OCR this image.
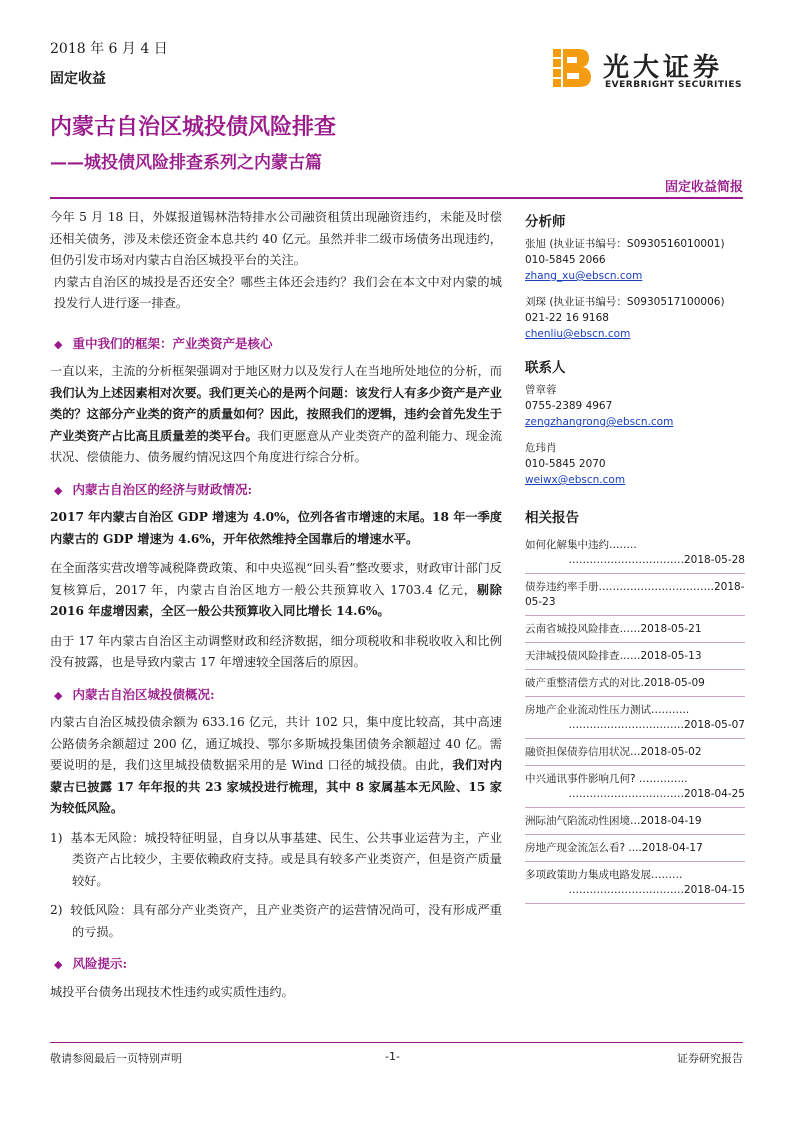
2018 年 6 月 4 日
固定收益
内蒙古自治区城投债风险排查
——城投债风险排查系列之内蒙古篇
固定收益简报
光大证券
EVERBRIGHT SECURITIES

今年 5 月 18 日，外媒报道锡林浩特排水公司融资租赁出现融资违约，未能及时偿还相关债务，涉及未偿还资金本息共约 40 亿元。虽然并非二级市场债务出现违约，但仍引发市场对内蒙古自治区城投平台的关注。

内蒙古自治区的城投是否还安全？哪些主体还会违约？我们会在本文中对内蒙的城投发行人进行逐一排查。

◆ 重中我们的框架：产业类资产是核心

一直以来，主流的分析框架强调对于地区财力以及发行人在当地所处地位的分析，而我们认为上述因素相对次要。我们更关心的是两个问题：该发行人有多少资产是产业类的？这部分产业类的资产的质量如何？因此，按照我们的逻辑，违约会首先发生于产业类资产占比高且质量差的类平台。我们更愿意从产业类资产的盈利能力、现金流状况、偿债能力、债务履约情况这四个角度进行综合分析。

◆ 内蒙古自治区的经济与财政情况:

2017 年内蒙古自治区 GDP 增速为 4.0%，位列各省市增速的末尾。18 年一季度内蒙古的 GDP 增速为 4.6%，开年依然维持全国靠后的增速水平。

在全面落实营改增等减税降费政策、和中央巡视“回头看”整改要求，财政审计部门反复核算后，2017 年，内蒙古自治区地方一般公共预算收入 1703.4 亿元，剔除 2016 年虚增因素，全区一般公共预算收入同比增长 14.6%。

由于 17 年内蒙古自治区主动调整财政和经济数据，细分项税收和非税收收入和比例没有披露，也是导致内蒙古 17 年增速较全国落后的原因。

◆ 内蒙古自治区城投债概况:

内蒙古自治区城投债余额为 633.16 亿元，共计 102 只，集中度比较高，其中高速公路债务余额超过 200 亿，通辽城投、鄂尔多斯城投集团债务余额超过 40 亿。需要说明的是，我们这里城投债数据采用的是 Wind 口径的城投债。由此，我们对内蒙古已披露 17 年年报的共 23 家城投进行梳理，其中 8 家属基本无风险、15 家为较低风险。

1)  基本无风险：城投特征明显，自身以从事基建、民生、公共事业运营为主，产业类资产占比较少，主要依赖政府支持。或是具有较多产业类资产，但是资产质量较好。

2)  较低风险：具有部分产业类资产，且产业类资产的运营情况尚可，没有形成严重的亏损。

◆ 风险提示:

城投平台债务出现技术性违约或实质性违约。

分析师
张旭 (执业证书编号：S0930516010001)
010-5845 2066
zhang_xu@ebscn.com
刘琛 (执业证书编号：S0930517100006)
021-22 16 9168
chenliu@ebscn.com
联系人
曾章蓉
0755-2389 4967
zengzhangrong@ebscn.com
危玮肖
010-5845 2070
weiwx@ebscn.com
相关报告
如何化解集中违约……..
……………………………2018-05-28
债券违约率手册……………………………2018-05-23
云南省城投风险排查……2018-05-21
天津城投债风险排查……2018-05-13
破产重整清偿方式的对比.2018-05-09
房地产企业流动性压力测试………..
……………………………2018-05-07
融资担保债券信用状况…2018-05-02
中兴通讯事件影响几何? …………..
……………………………2018-04-25
洲际油气陷流动性困境…2018-04-19
房地产现金流怎么看? ....2018-04-17
多项政策助力集成电路发展………
……………………………2018-04-15
敬请参阅最后一页特别声明	-1-	证券研究报告
